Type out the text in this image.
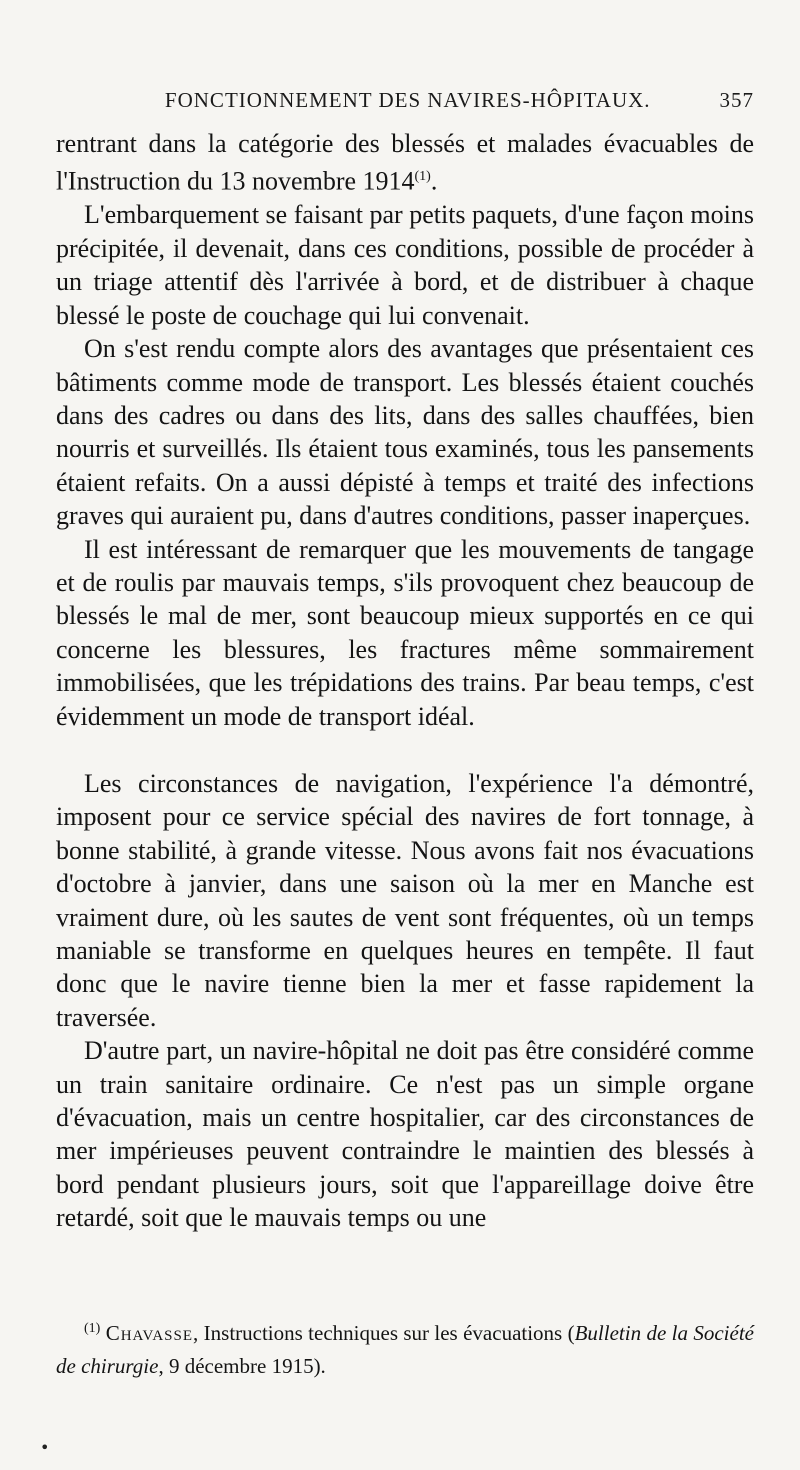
FONCTIONNEMENT DES NAVIRES-HÔPITAUX.	357

rentrant dans la catégorie des blessés et malades évacuables de l'Instruction du 13 novembre 1914$^{(1)}$.

L'embarquement se faisant par petits paquets, d'une façon moins précipitée, il devenait, dans ces conditions, possible de procéder à un triage attentif dès l'arrivée à bord, et de distribuer à chaque blessé le poste de couchage qui lui convenait.

On s'est rendu compte alors des avantages que présentaient ces bâtiments comme mode de transport. Les blessés étaient couchés dans des cadres ou dans des lits, dans des salles chauffées, bien nourris et surveillés. Ils étaient tous examinés, tous les pansements étaient refaits. On a aussi dépisté à temps et traité des infections graves qui auraient pu, dans d'autres conditions, passer inaperçues.

Il est intéressant de remarquer que les mouvements de tangage et de roulis par mauvais temps, s'ils provoquent chez beaucoup de blessés le mal de mer, sont beaucoup mieux supportés en ce qui concerne les blessures, les fractures même sommairement immobilisées, que les trépidations des trains. Par beau temps, c'est évidemment un mode de transport idéal.

Les circonstances de navigation, l'expérience l'a démontré, imposent pour ce service spécial des navires de fort tonnage, à bonne stabilité, à grande vitesse. Nous avons fait nos évacuations d'octobre à janvier, dans une saison où la mer en Manche est vraiment dure, où les sautes de vent sont fréquentes, où un temps maniable se transforme en quelques heures en tempête. Il faut donc que le navire tienne bien la mer et fasse rapidement la traversée.

D'autre part, un navire-hôpital ne doit pas être considéré comme un train sanitaire ordinaire. Ce n'est pas un simple organe d'évacuation, mais un centre hospitalier, car des circonstances de mer impérieuses peuvent contraindre le maintien des blessés à bord pendant plusieurs jours, soit que l'appareillage doive être retardé, soit que le mauvais temps ou une

$^{(1)}$ Chavasse, Instructions techniques sur les évacuations (Bulletin de la Société de chirurgie, 9 décembre 1915).
•
